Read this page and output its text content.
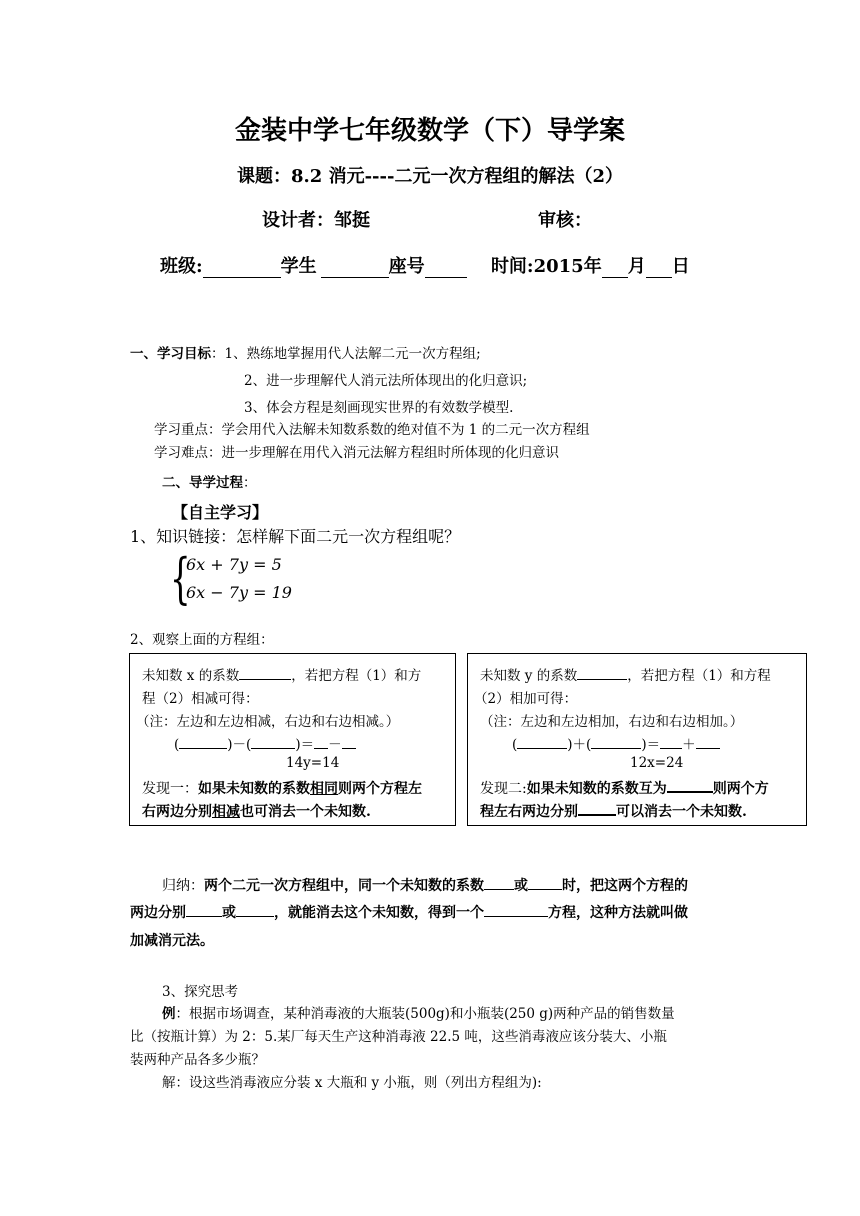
金装中学七年级数学（下）导学案
课题：8.2 消元----二元一次方程组的解法（2）
设计者：邹挺	审核：
班级:	学生	座号	时间:2015年 月 日
一、学习目标：1、熟练地掌握用代人法解二元一次方程组;
2、进一步理解代人消元法所体现出的化归意识;
3、体会方程是刻画现实世界的有效数学模型.
学习重点：学会用代入法解未知数系数的绝对值不为 1 的二元一次方程组
学习难点：进一步理解在用代入消元法解方程组时所体现的化归意识
二、导学过程：
【自主学习】
1、知识链接：怎样解下面二元一次方程组呢？
{
6x + 7y = 5
6x − 7y = 19
2、观察上面的方程组：
未知数 x 的系数	，若把方程（1）和方
程（2）相减可得：
（注：左边和左边相减，右边和右边相减。）
(	)－(	)＝ －
14y=14
发现一：如果未知数的系数相同则两个方程左
右两边分别相减也可消去一个未知数.
未知数 y 的系数	，若把方程（1）和方程
（2）相加可得：
（注：左边和左边相加，右边和右边相加。）
(	)＋(	)＝ ＋
12x=24
发现二:如果未知数的系数互为	则两个方
程左右两边分别	可以消去一个未知数.
归纳：两个二元一次方程组中，同一个未知数的系数 或 时，把这两个方程的
两边分别	或	，就能消去这个未知数，得到一个	方程，这种方法就叫做
加减消元法。
3、探究思考
例：根据市场调查，某种消毒液的大瓶装(500g)和小瓶装(250 g)两种产品的销售数量
比（按瓶计算）为 2：5.某厂每天生产这种消毒液 22.5 吨，这些消毒液应该分装大、小瓶
装两种产品各多少瓶？
解：设这些消毒液应分装 x 大瓶和 y 小瓶，则（列出方程组为):
